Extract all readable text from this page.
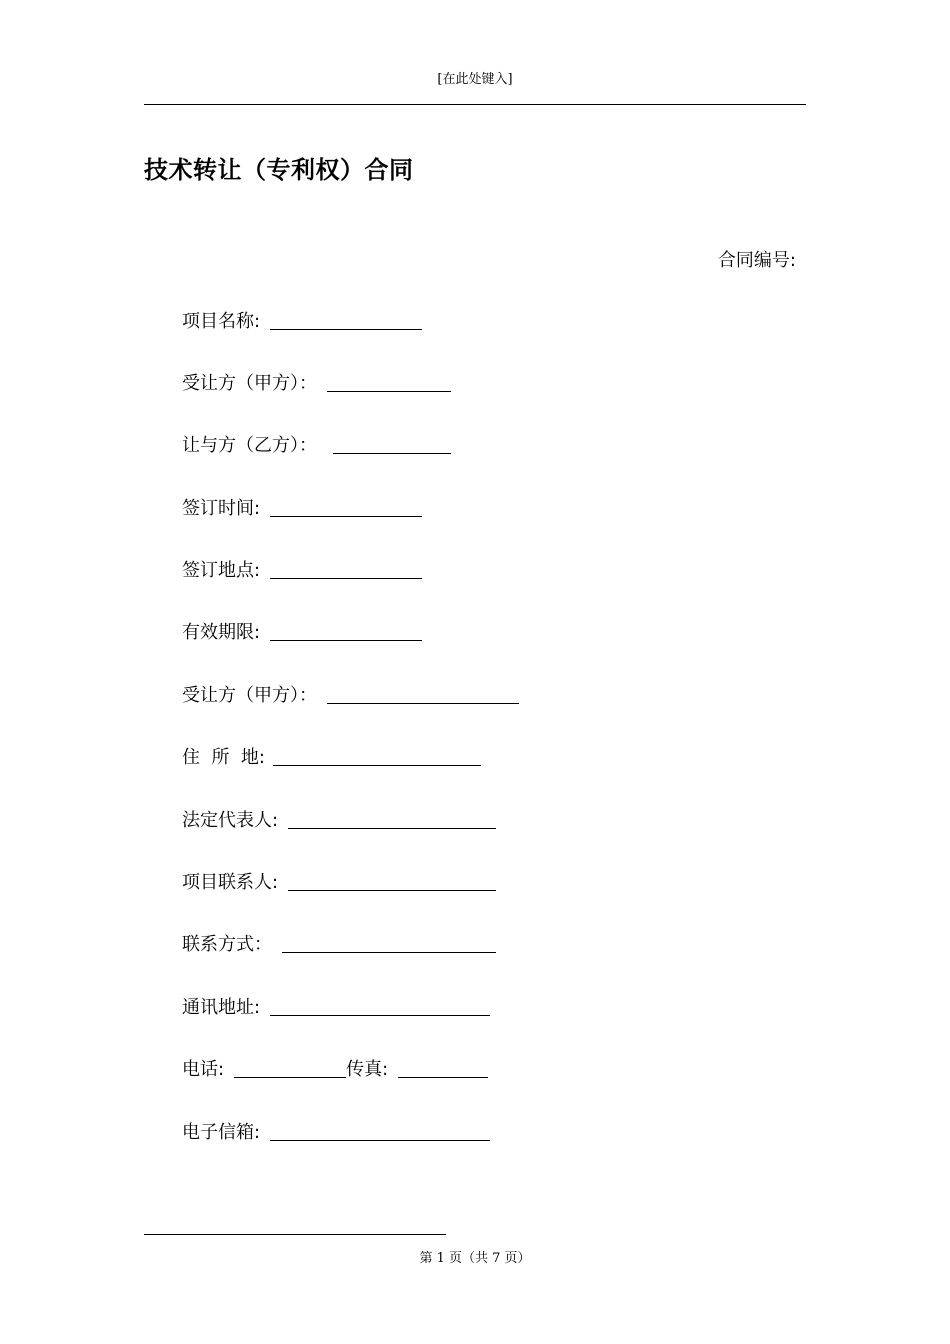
[在此处键入]
技术转让（专利权）合同
合同编号:
项目名称:
受让方（甲方）：
让与方（乙方）：
签订时间:
签订地点:
有效期限:
受让方（甲方）：
住  所  地:
法定代表人:
项目联系人:
联系方式：
通讯地址:
电话:	传真:
电子信箱:
第 1 页（共 7 页）
